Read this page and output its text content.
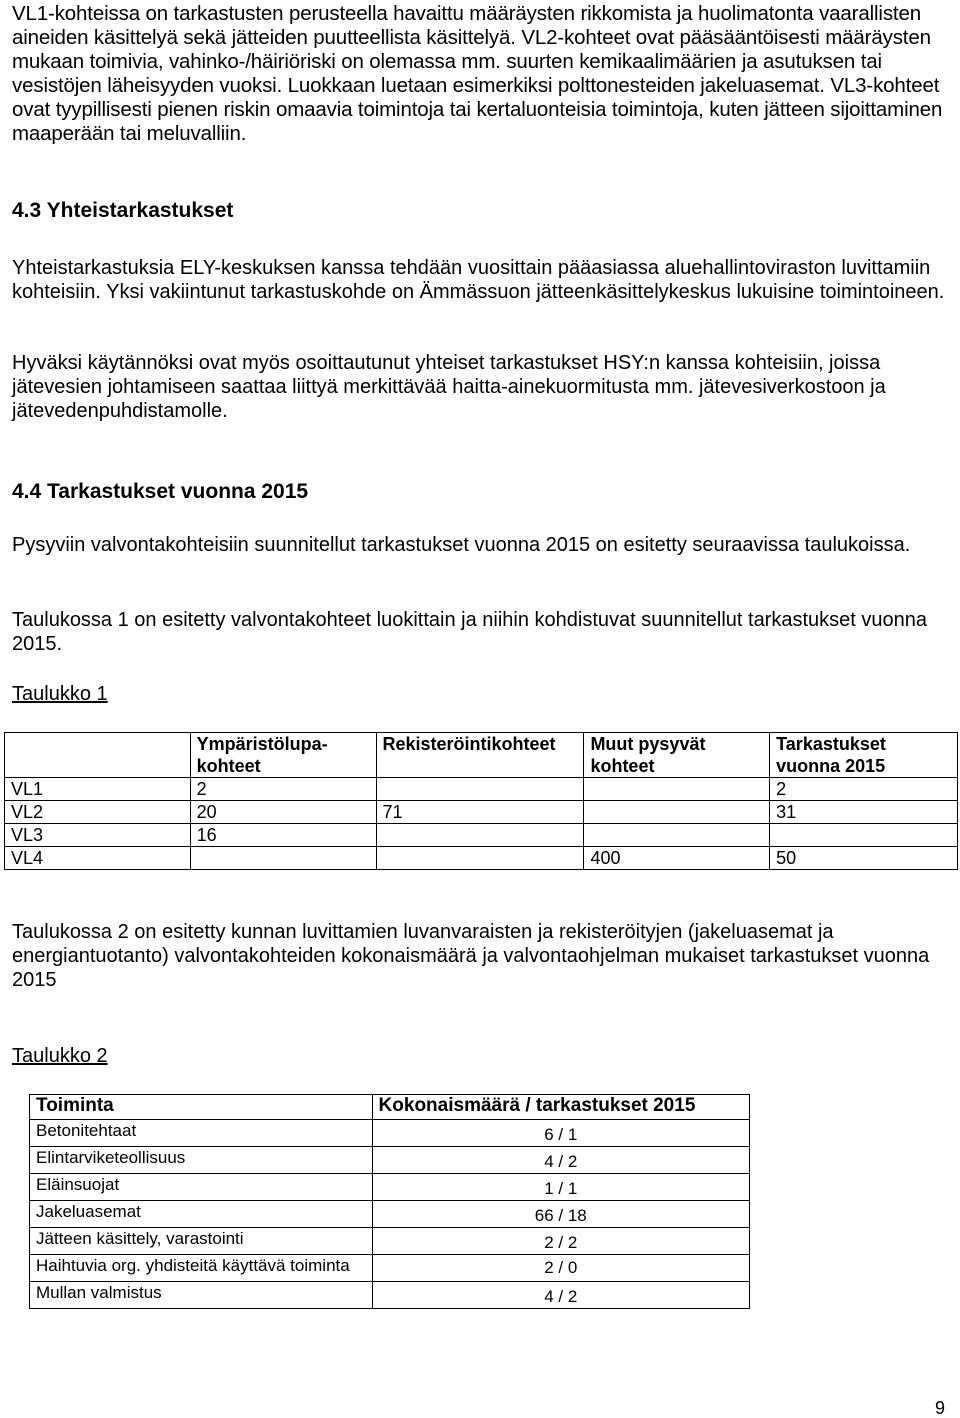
VL1-kohteissa on tarkastusten perusteella havaittu määräysten rikkomista ja huolimatonta vaarallisten aineiden käsittelyä sekä jätteiden puutteellista käsittelyä. VL2-kohteet ovat pääsääntöisesti määräysten mukaan toimivia, vahinko-/häiriöriski on olemassa mm. suurten kemikaalimäärien ja asutuksen tai vesistöjen läheisyyden vuoksi. Luokkaan luetaan esimerkiksi polttonesteiden jakeluasemat. VL3-kohteet ovat tyypillisesti pienen riskin omaavia toimintoja tai kertaluonteisia toimintoja, kuten jätteen sijoittaminen maaperään tai meluvalliin.

4.3 Yhteistarkastukset

Yhteistarkastuksia ELY-keskuksen kanssa tehdään vuosittain pääasiassa aluehallintoviraston luvittamiin kohteisiin. Yksi vakiintunut tarkastuskohde on Ämmässuon jätteenkäsittelykeskus lukuisine toimintoineen.

Hyväksi käytännöksi ovat myös osoittautunut yhteiset tarkastukset HSY:n kanssa kohteisiin, joissa jätevesien johtamiseen saattaa liittyä merkittävää haitta-ainekuormitusta mm. jätevesiverkostoon ja jätevedenpuhdistamolle.

4.4 Tarkastukset vuonna 2015

Pysyviin valvontakohteisiin suunnitellut tarkastukset vuonna 2015 on esitetty seuraavissa taulukoissa.

Taulukossa 1 on esitetty valvontakohteet luokittain ja niihin kohdistuvat suunnitellut tarkastukset vuonna 2015.

Taulukko 1

	Ympäristölupa-kohteet	Rekisteröintikohteet	Muut pysyvät kohteet	Tarkastukset vuonna 2015
VL1	2			2
VL2	20	71		31
VL3	16			
VL4			400	50

Taulukossa 2 on esitetty kunnan luvittamien luvanvaraisten ja rekisteröityjen (jakeluasemat ja energiantuotanto) valvontakohteiden kokonaismäärä ja valvontaohjelman mukaiset tarkastukset vuonna 2015

Taulukko 2

Toiminta	Kokonaismäärä / tarkastukset 2015
Betonitehtaat	6 / 1
Elintarviketeollisuus	4 / 2
Eläinsuojat	1 / 1
Jakeluasemat	66 / 18
Jätteen käsittely, varastointi	2 / 2
Haihtuvia org. yhdisteitä käyttävä toiminta	2 / 0
Mullan valmistus	4 / 2
9
